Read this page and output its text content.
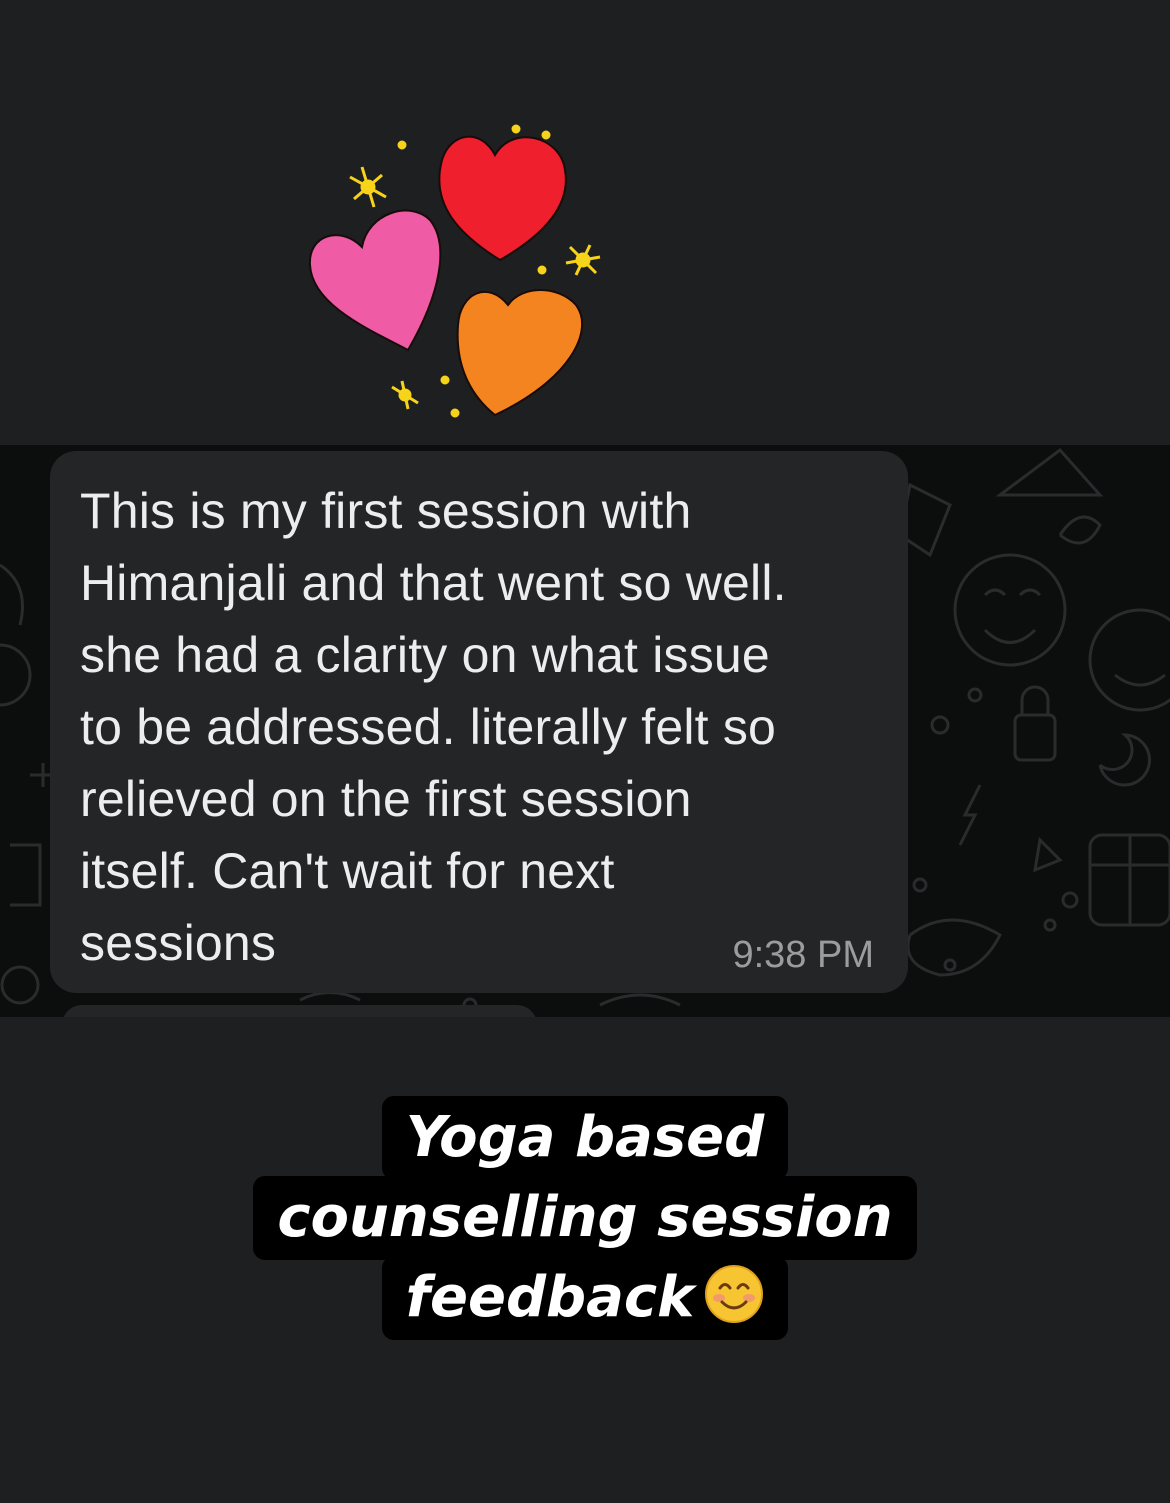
This is my first session with
Himanjali and that went so well.
she had a clarity on what issue
to be addressed. literally felt so
relieved on the first session
itself. Can't wait for next
sessions	9:38 PM
Yoga based
counselling session
feedback
